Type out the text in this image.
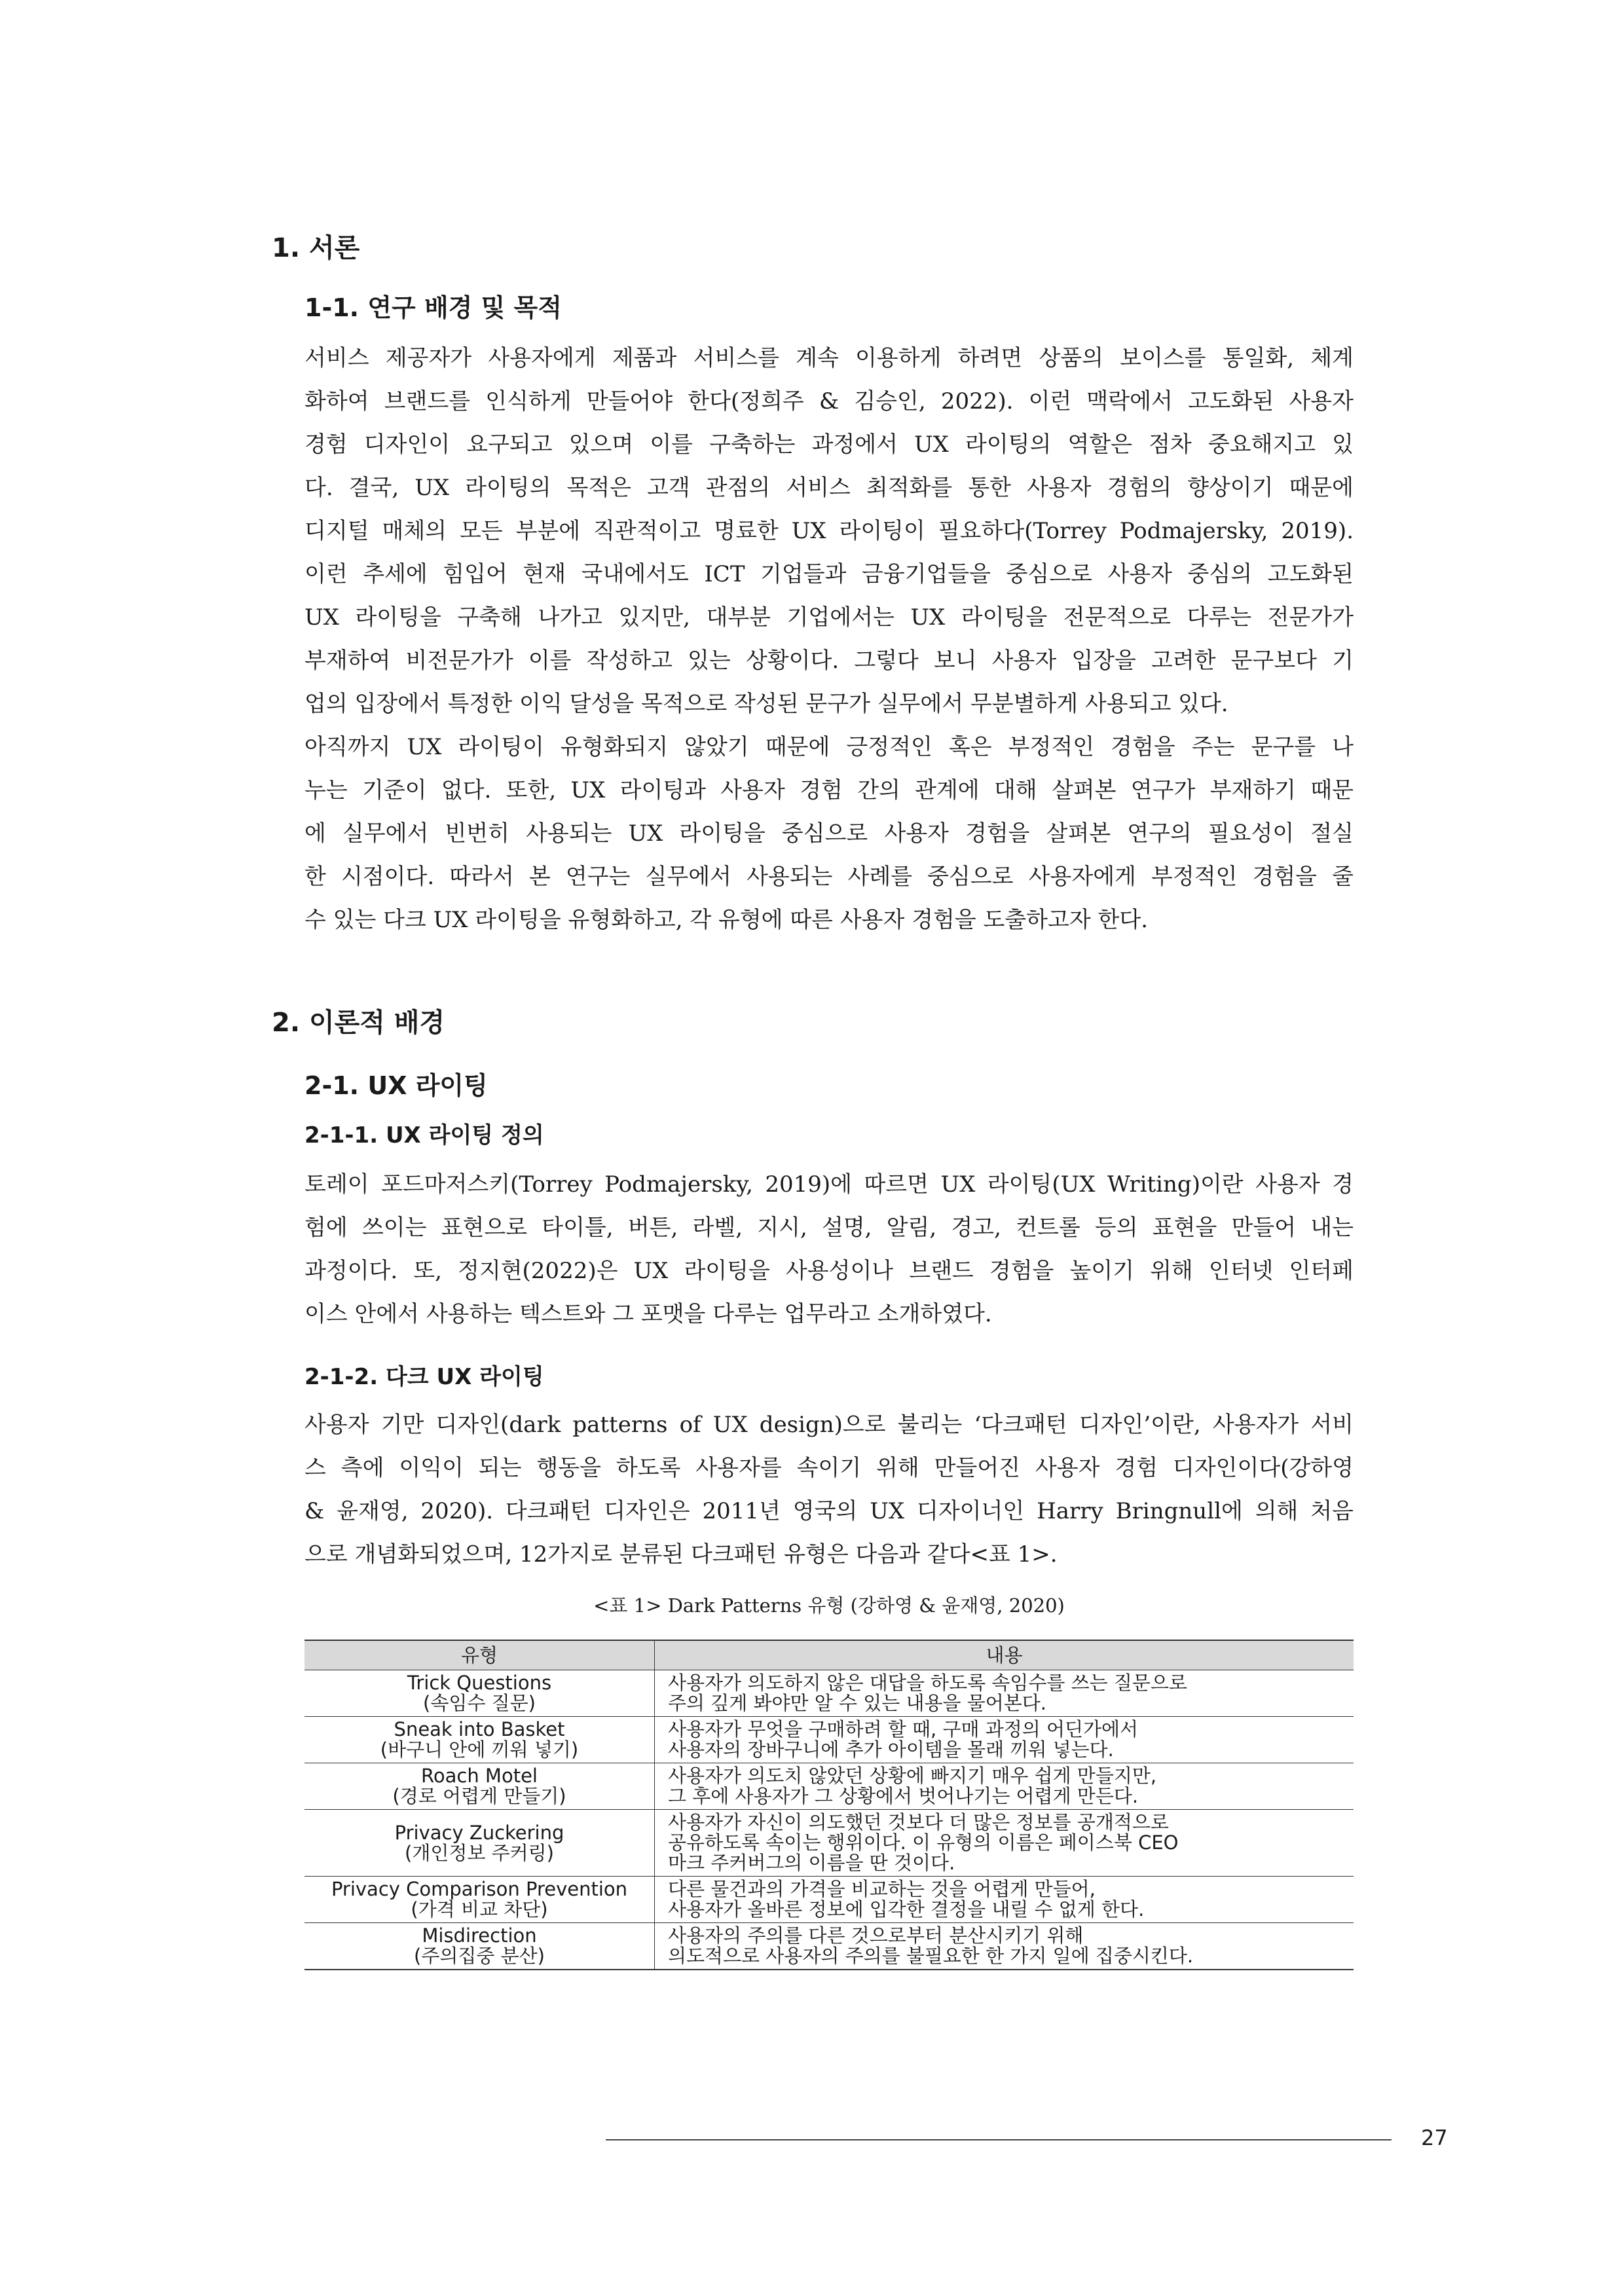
1. 서론
1-1. 연구 배경 및 목적
서비스 제공자가 사용자에게 제품과 서비스를 계속 이용하게 하려면 상품의 보이스를 통일화, 체계
화하여 브랜드를 인식하게 만들어야 한다(정희주 & 김승인, 2022). 이런 맥락에서 고도화된 사용자
경험 디자인이 요구되고 있으며 이를 구축하는 과정에서 UX 라이팅의 역할은 점차 중요해지고 있
다. 결국, UX 라이팅의 목적은 고객 관점의 서비스 최적화를 통한 사용자 경험의 향상이기 때문에
디지털 매체의 모든 부분에 직관적이고 명료한 UX 라이팅이 필요하다(Torrey Podmajersky, 2019).
이런 추세에 힘입어 현재 국내에서도 ICT 기업들과 금융기업들을 중심으로 사용자 중심의 고도화된
UX 라이팅을 구축해 나가고 있지만, 대부분 기업에서는 UX 라이팅을 전문적으로 다루는 전문가가
부재하여 비전문가가 이를 작성하고 있는 상황이다. 그렇다 보니 사용자 입장을 고려한 문구보다 기
업의 입장에서 특정한 이익 달성을 목적으로 작성된 문구가 실무에서 무분별하게 사용되고 있다.
아직까지 UX 라이팅이 유형화되지 않았기 때문에 긍정적인 혹은 부정적인 경험을 주는 문구를 나
누는 기준이 없다. 또한, UX 라이팅과 사용자 경험 간의 관계에 대해 살펴본 연구가 부재하기 때문
에 실무에서 빈번히 사용되는 UX 라이팅을 중심으로 사용자 경험을 살펴본 연구의 필요성이 절실
한 시점이다. 따라서 본 연구는 실무에서 사용되는 사례를 중심으로 사용자에게 부정적인 경험을 줄
수 있는 다크 UX 라이팅을 유형화하고, 각 유형에 따른 사용자 경험을 도출하고자 한다.
2. 이론적 배경
2-1. UX 라이팅
2-1-1. UX 라이팅 정의
토레이 포드마저스키(Torrey Podmajersky, 2019)에 따르면 UX 라이팅(UX Writing)이란 사용자 경
험에 쓰이는 표현으로 타이틀, 버튼, 라벨, 지시, 설명, 알림, 경고, 컨트롤 등의 표현을 만들어 내는
과정이다. 또, 정지현(2022)은 UX 라이팅을 사용성이나 브랜드 경험을 높이기 위해 인터넷 인터페
이스 안에서 사용하는 텍스트와 그 포맷을 다루는 업무라고 소개하였다.
2-1-2. 다크 UX 라이팅
사용자 기만 디자인(dark patterns of UX design)으로 불리는 ‘다크패턴 디자인’이란, 사용자가 서비
스 측에 이익이 되는 행동을 하도록 사용자를 속이기 위해 만들어진 사용자 경험 디자인이다(강하영
& 윤재영, 2020). 다크패턴 디자인은 2011년 영국의 UX 디자이너인 Harry Bringnull에 의해 처음
으로 개념화되었으며, 12가지로 분류된 다크패턴 유형은 다음과 같다<표 1>.

<표 1> Dark Patterns 유형 (강하영 & 윤재영, 2020)

유형	내용

Trick Questions
(속임수 질문)	사용자가 의도하지 않은 대답을 하도록 속임수를 쓰는 질문으로
주의 깊게 봐야만 알 수 있는 내용을 물어본다.

Sneak into Basket
(바구니 안에 끼워 넣기)	사용자가 무엇을 구매하려 할 때, 구매 과정의 어딘가에서
사용자의 장바구니에 추가 아이템을 몰래 끼워 넣는다.

Roach Motel
(경로 어렵게 만들기)	사용자가 의도치 않았던 상황에 빠지기 매우 쉽게 만들지만,
그 후에 사용자가 그 상황에서 벗어나기는 어렵게 만든다.

Privacy Zuckering
(개인정보 주커링)	사용자가 자신이 의도했던 것보다 더 많은 정보를 공개적으로
공유하도록 속이는 행위이다. 이 유형의 이름은 페이스북 CEO
마크 주커버그의 이름을 딴 것이다.

Privacy Comparison Prevention
(가격 비교 차단)	다른 물건과의 가격을 비교하는 것을 어렵게 만들어,
사용자가 올바른 정보에 입각한 결정을 내릴 수 없게 한다.

Misdirection
(주의집중 분산)	사용자의 주의를 다른 것으로부터 분산시키기 위해
의도적으로 사용자의 주의를 불필요한 한 가지 일에 집중시킨다.
27
